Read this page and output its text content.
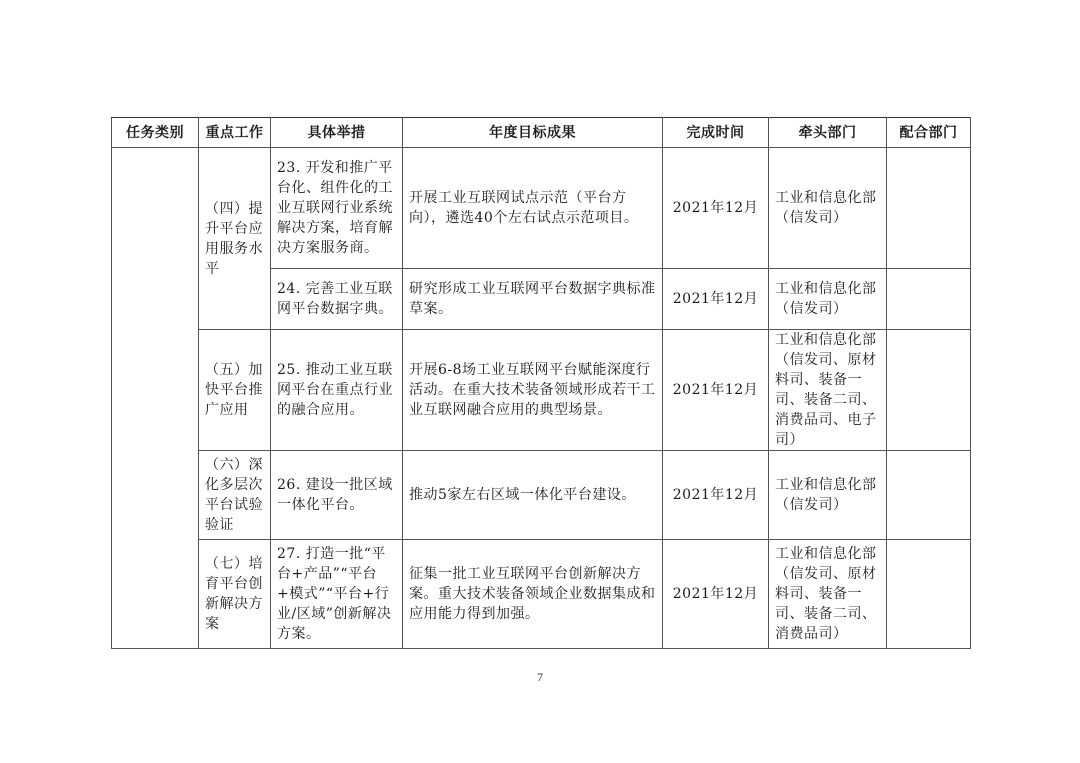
任务类别	重点工作	具体举措	年度目标成果	完成时间	牵头部门	配合部门
	（四）提升平台应用服务水平	23. 开发和推广平台化、组件化的工业互联网行业系统解决方案，培育解决方案服务商。	开展工业互联网试点示范（平台方向），遴选40个左右试点示范项目。	2021年12月	工业和信息化部（信发司）	
		24. 完善工业互联网平台数据字典。	研究形成工业互联网平台数据字典标准草案。	2021年12月	工业和信息化部（信发司）	
	（五）加快平台推广应用	25. 推动工业互联网平台在重点行业的融合应用。	开展6-8场工业互联网平台赋能深度行活动。在重大技术装备领域形成若干工业互联网融合应用的典型场景。	2021年12月	工业和信息化部（信发司、原材料司、装备一司、装备二司、消费品司、电子司）	
	（六）深化多层次平台试验验证	26. 建设一批区域一体化平台。	推动5家左右区域一体化平台建设。	2021年12月	工业和信息化部（信发司）	
	（七）培育平台创新解决方案	27. 打造一批“平台+产品”“平台+模式”“平台+行业/区域”创新解决方案。	征集一批工业互联网平台创新解决方案。重大技术装备领域企业数据集成和应用能力得到加强。	2021年12月	工业和信息化部（信发司、原材料司、装备一司、装备二司、消费品司）	
7
